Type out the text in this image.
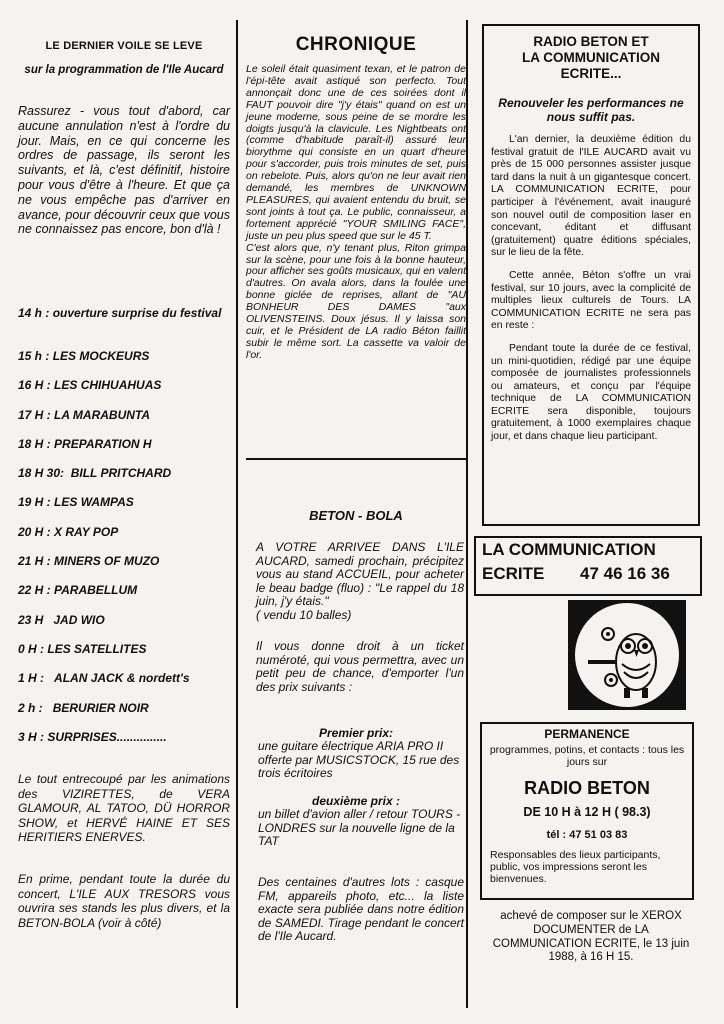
LE DERNIER VOILE SE LEVE

sur la programmation de l'Ile Aucard

Rassurez - vous tout d'abord, car aucune annulation n'est à l'ordre du jour. Mais, en ce qui concerne les ordres de passage, ils seront les suivants, et là, c'est définitif, histoire pour vous d'être à l'heure. Et que ça ne vous empêche pas d'arriver en avance, pour découvrir ceux que vous ne connaissez pas encore, bon d'là !

14 h : ouverture surprise du festival
15 h : LES MOCKEURS
16 H : LES CHIHUAHUAS
17 H : LA MARABUNTA
18 H : PREPARATION H
18 H 30: BILL PRITCHARD
19 H : LES WAMPAS
20 H : X RAY POP
21 H : MINERS OF MUZO
22 H : PARABELLUM
23 H JAD WIO
0 H : LES SATELLITES
1 H : ALAN JACK & nordett's
2 h : BERURIER NOIR
3 H : SURPRISES...............

Le tout entrecoupé par les animations des VIZIRETTES, de VERA GLAMOUR, AL TATOO, DÜ HORROR SHOW, et HERVÉ HAINE ET SES HERITIERS ENERVES.

En prime, pendant toute la durée du concert, L'ILE AUX TRESORS vous ouvrira ses stands les plus divers, et la BETON-BOLA (voir à côté)

CHRONIQUE

Le soleil était quasiment texan, et le patron de l'épi-tête avait astiqué son perfecto. Tout annonçait donc une de ces soirées dont il FAUT pouvoir dire "j'y étais" quand on est un jeune moderne, sous peine de se mordre les doigts jusqu'à la clavicule. Les Nightbeats ont (comme d'habitude paraît-il) assuré leur biorythme qui consiste en un quart d'heure pour s'accorder, puis trois minutes de set, puis on rebelote. Puis, alors qu'on ne leur avait rien demandé, les membres de UNKNOWN PLEASURES, qui avaient entendu du bruit, se sont joints à tout ça. Le public, connaisseur, a fortement apprécié "YOUR SMILING FACE", juste un peu plus speed que sur le 45 T.

C'est alors que, n'y tenant plus, Riton grimpa sur la scène, pour une fois à la bonne hauteur, pour afficher ses goûts musicaux, qui en valent d'autres. On avala alors, dans la foulée une bonne giclée de reprises, allant de "AU BONHEUR DES DAMES "aux OLIVENSTEINS. Doux jésus. Il y laissa son cuir, et le Président de LA radio Béton faillit subir le même sort. La cassette va valoir de l'or.

BETON - BOLA

A VOTRE ARRIVEE DANS L'ILE AUCARD, samedi prochain, précipitez vous au stand ACCUEIL, pour acheter le beau badge (fluo) : "Le rappel du 18 juin, j'y étais."

( vendu 10 balles)

Il vous donne droit à un ticket numéroté, qui vous permettra, avec un petit peu de chance, d'emporter l'un des prix suivants :

Premier prix:

une guitare électrique ARIA PRO II offerte par MUSICSTOCK, 15 rue des trois écritoires

deuxième prix :

un billet d'avion aller / retour TOURS - LONDRES sur la nouvelle ligne de la TAT

Des centaines d'autres lots : casque FM, appareils photo, etc... la liste exacte sera publiée dans notre édition de SAMEDI. Tirage pendant le concert de l'Ile Aucard.

RADIO BETON ET
LA COMMUNICATION
ECRITE...

Renouveler les performances ne nous suffit pas.

L'an dernier, la deuxième édition du festival gratuit de l'ILE AUCARD avait vu près de 15 000 personnes assister jusque tard dans la nuit à un gigantesque concert. LA COMMUNICATION ECRITE, pour participer à l'événement, avait inauguré son nouvel outil de composition laser en concevant, éditant et diffusant (gratuitement) quatre éditions spéciales, sur le lieu de la fête.

Cette année, Béton s'offre un vrai festival, sur 10 jours, avec la complicité de multiples lieux culturels de Tours. LA COMMUNICATION ECRITE ne sera pas en reste :

Pendant toute la durée de ce festival, un mini-quotidien, rédigé par une équipe composée de journalistes professionnels ou amateurs, et conçu par l'équipe technique de LA COMMUNICATION ECRITE sera disponible, toujours gratuitement, à 1000 exemplaires chaque jour, et dans chaque lieu participant.

LA COMMUNICATION
ECRITE 47 46 16 36

PERMANENCE

programmes, potins, et contacts : tous les jours sur

RADIO BETON

DE 10 H à 12 H ( 98.3)

tél : 47 51 03 83

Responsables des lieux participants, public, vos impressions seront les bienvenues.

achevé de composer sur le XEROX DOCUMENTER de LA COMMUNICATION ECRITE, le 13 juin 1988, à 16 H 15.
